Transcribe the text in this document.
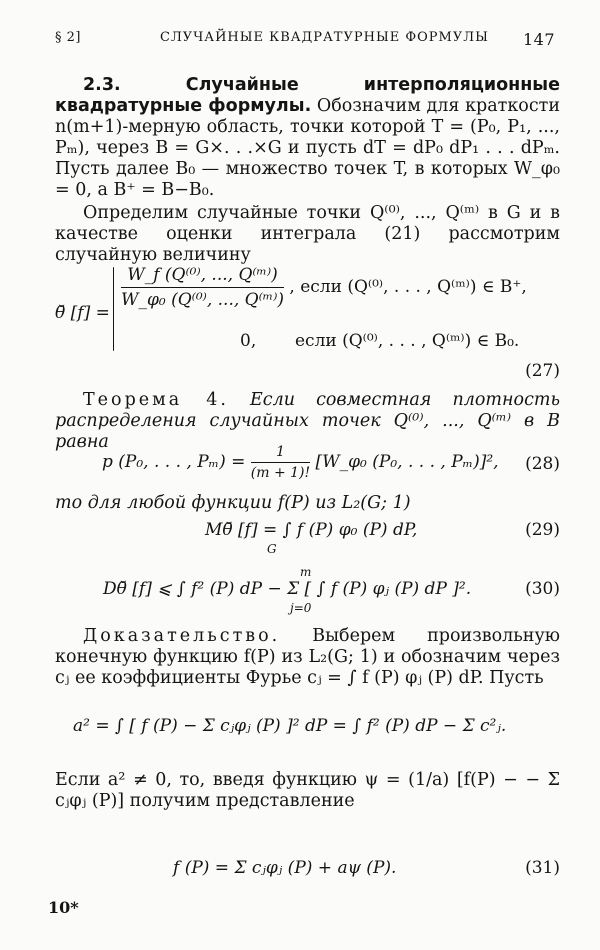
§ 2]	СЛУЧАЙНЫЕ КВАДРАТУРНЫЕ ФОРМУЛЫ 147

2.3. Случайные интерполяционные квадратурные формулы. Обозначим для краткости n(m+1)-мерную область, точки которой T = (P₀, P₁, ..., Pₘ), через B = G×. . .×G и пусть dT = dP₀ dP₁ . . . dPₘ. Пусть далее B₀ — множество точек T, в которых W_φ₀ = 0, а B⁺ = B−B₀.

Определим случайные точки Q⁽⁰⁾, ..., Q⁽ᵐ⁾ в G и в качестве оценки интеграла (21) рассмотрим случайную величину

θ̆ [f] =
$\frac{\text{W\_f (Q⁽⁰⁾, ..., Q⁽ᵐ⁾)}}{\text{W\_φ₀ (Q⁽⁰⁾, ..., Q⁽ᵐ⁾)}}$ , если (Q⁽⁰⁾, . . . , Q⁽ᵐ⁾) ∈ B⁺,
0, если (Q⁽⁰⁾, . . . , Q⁽ᵐ⁾) ∈ B₀.
(27)

Теорема 4. Если совместная плотность распределения случайных точек Q⁽⁰⁾, ..., Q⁽ᵐ⁾ в B равна

p (P₀, . . . , $P_m) = \frac{1}{(m + 1)!}$ [W_φ₀ (P₀, . . . , Pₘ)]², (28)

то для любой функции f(P) из L₂(G; 1)

Mθ̆ [f] = ∫ f (P) φ₀ (P) dP,
G
(29)
m
Dθ̆ [f] ⩽ ∫ f² (P) dP − Σ [ ∫ f (P) φⱼ (P) dP ]².
j=0
(30)

Доказательство. Выберем произвольную конечную функцию f(P) из L₂(G; 1) и обозначим через cⱼ ее коэффициенты Фурье cⱼ = ∫ f (P) φⱼ (P) dP. Пусть

a² = ∫ [ f (P) − Σ cⱼφⱼ (P) ]² dP = ∫ f² (P) dP − Σ c²ⱼ.

Если a² ≠ 0, то, введя функцию ψ = (1/a) [f(P) − − Σ cⱼφⱼ (P)] получим представление

f (P) = Σ cⱼφⱼ (P) + aψ (P).	(31)
10*
